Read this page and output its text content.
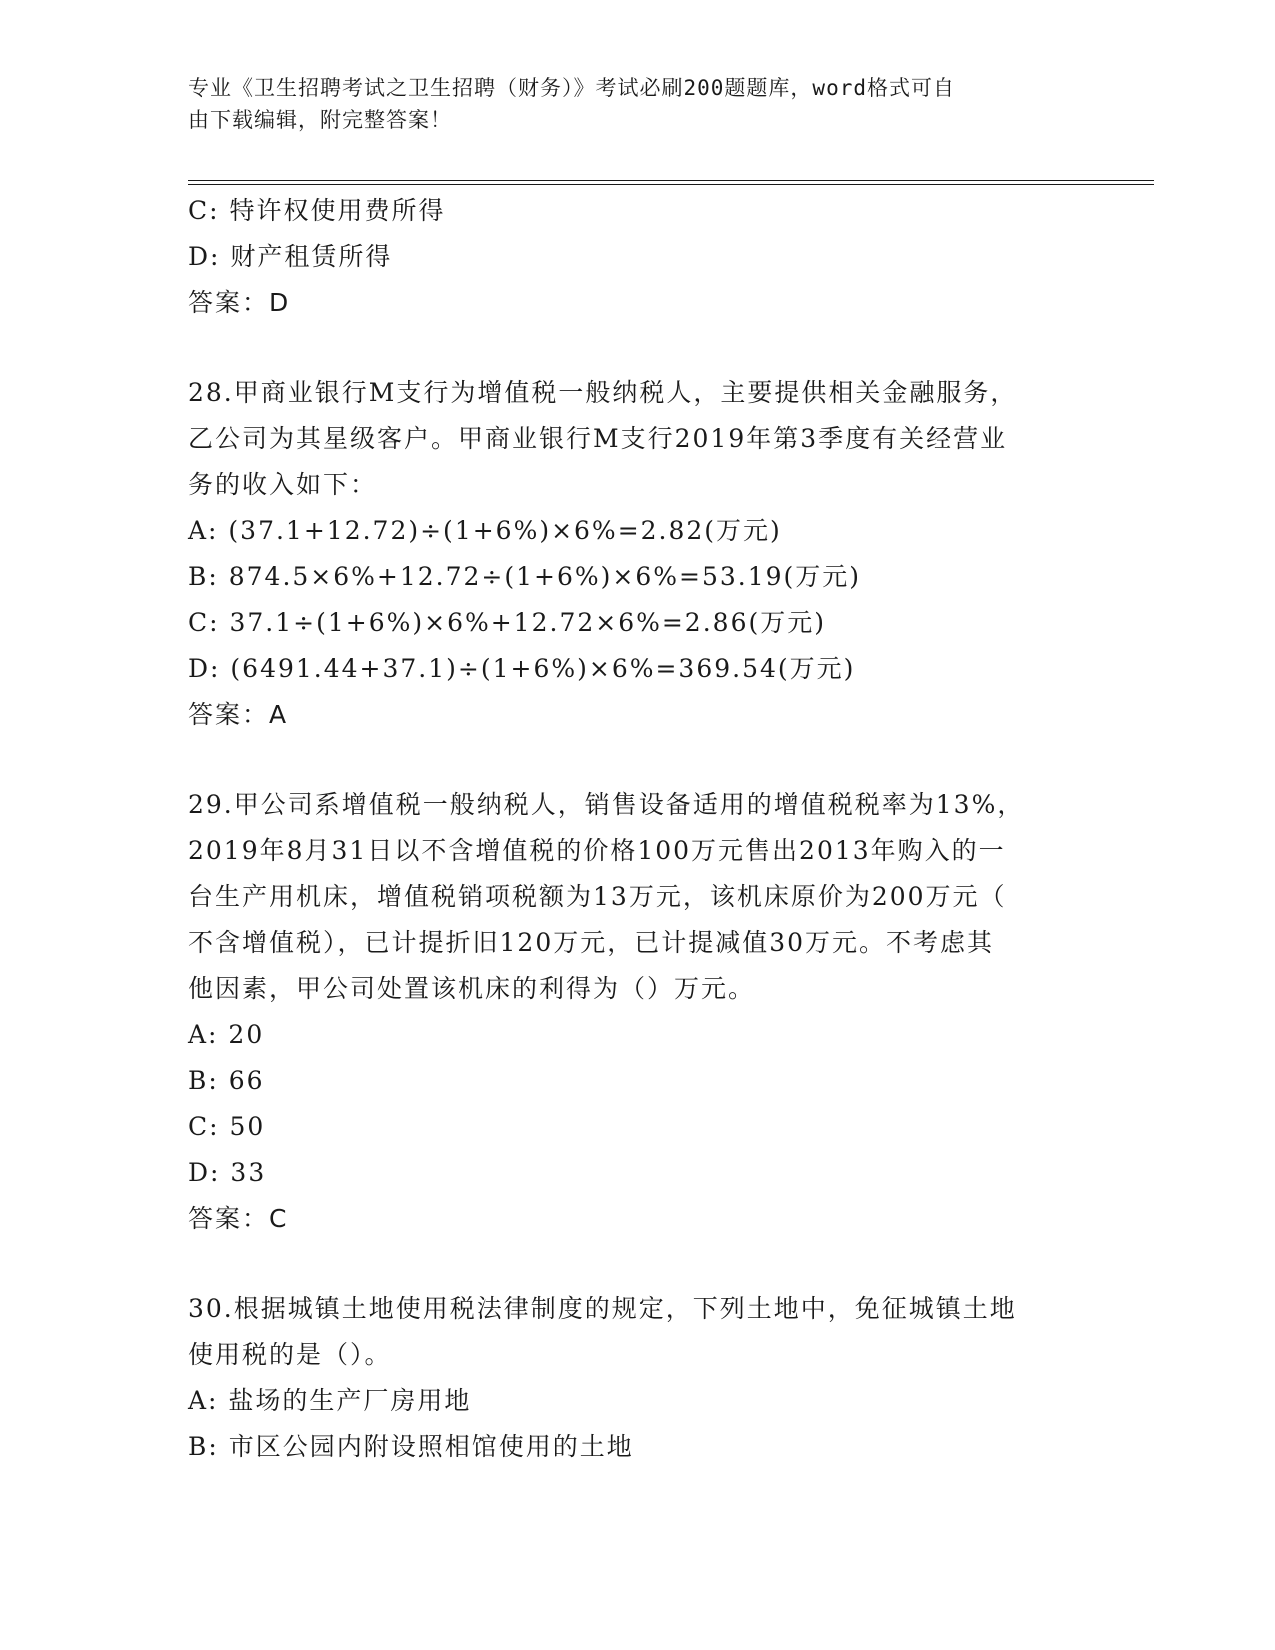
专业《卫生招聘考试之卫生招聘（财务）》考试必刷200题题库，word格式可自
由下载编辑，附完整答案！
C: 特许权使用费所得
D: 财产租赁所得
答案：D
28.甲商业银行M支行为增值税一般纳税人，主要提供相关金融服务，
乙公司为其星级客户。甲商业银行M支行2019年第3季度有关经营业
务的收入如下：
A: (37.1+12.72)÷(1+6%)×6%=2.82(万元)
B: 874.5×6%+12.72÷(1+6%)×6%=53.19(万元)
C: 37.1÷(1+6%)×6%+12.72×6%=2.86(万元)
D: (6491.44+37.1)÷(1+6%)×6%=369.54(万元)
答案：A
29.甲公司系增值税一般纳税人，销售设备适用的增值税税率为13%，
2019年8月31日以不含增值税的价格100万元售出2013年购入的一
台生产用机床，增值税销项税额为13万元，该机床原价为200万元（
不含增值税），已计提折旧120万元，已计提减值30万元。不考虑其
他因素，甲公司处置该机床的利得为（）万元。
A: 20
B: 66
C: 50
D: 33
答案：C
30.根据城镇土地使用税法律制度的规定，下列土地中，免征城镇土地
使用税的是（）。
A: 盐场的生产厂房用地
B: 市区公园内附设照相馆使用的土地
